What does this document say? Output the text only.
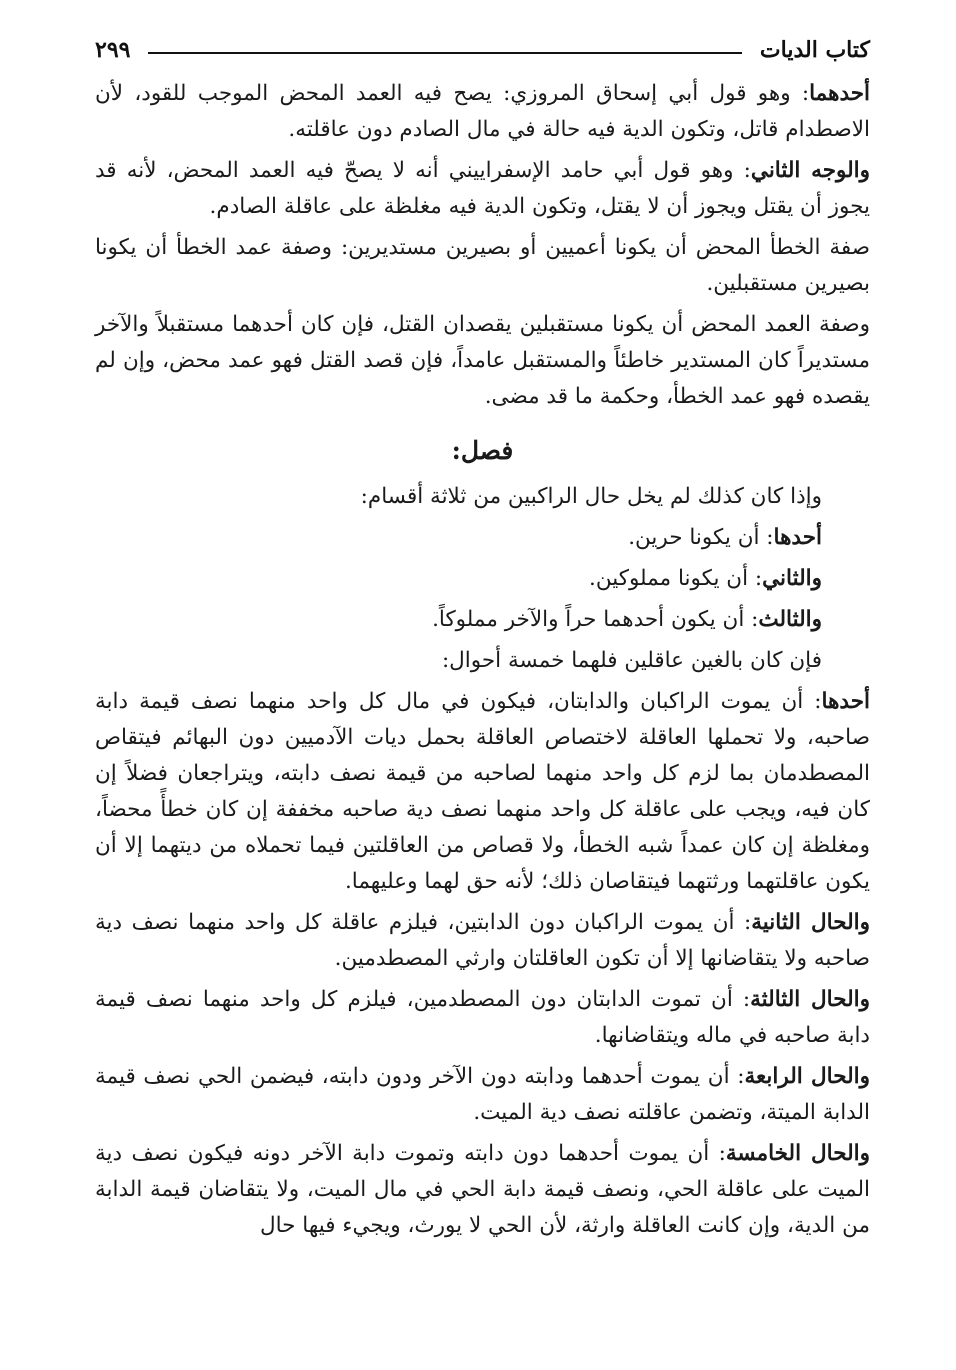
كتاب الديات
٢٩٩

أحدهما: وهو قول أبي إسحاق المروزي: يصح فيه العمد المحض الموجب للقود، لأن الاصطدام قاتل، وتكون الدية فيه حالة في مال الصادم دون عاقلته.

والوجه الثاني: وهو قول أبي حامد الإسفراييني أنه لا يصحّ فيه العمد المحض، لأنه قد يجوز أن يقتل ويجوز أن لا يقتل، وتكون الدية فيه مغلظة على عاقلة الصادم.

صفة الخطأ المحض أن يكونا أعميين أو بصيرين مستديرين: وصفة عمد الخطأ أن يكونا بصيرين مستقبلين.

وصفة العمد المحض أن يكونا مستقبلين يقصدان القتل، فإن كان أحدهما مستقبلاً والآخر مستديراً كان المستدير خاطئاً والمستقبل عامداً، فإن قصد القتل فهو عمد محض، وإن لم يقصده فهو عمد الخطأ، وحكمة ما قد مضى.

فصل:

وإذا كان كذلك لم يخل حال الراكبين من ثلاثة أقسام:

أحدها: أن يكونا حرين.

والثاني: أن يكونا مملوكين.

والثالث: أن يكون أحدهما حراً والآخر مملوكاً.

فإن كان بالغين عاقلين فلهما خمسة أحوال:

أحدها: أن يموت الراكبان والدابتان، فيكون في مال كل واحد منهما نصف قيمة دابة صاحبه، ولا تحملها العاقلة لاختصاص العاقلة بحمل ديات الآدميين دون البهائم فيتقاص المصطدمان بما لزم كل واحد منهما لصاحبه من قيمة نصف دابته، ويتراجعان فضلاً إن كان فيه، ويجب على عاقلة كل واحد منهما نصف دية صاحبه مخففة إن كان خطأً محضاً، ومغلظة إن كان عمداً شبه الخطأ، ولا قصاص من العاقلتين فيما تحملاه من ديتهما إلا أن يكون عاقلتهما ورثتهما فيتقاصان ذلك؛ لأنه حق لهما وعليهما.

والحال الثانية: أن يموت الراكبان دون الدابتين، فيلزم عاقلة كل واحد منهما نصف دية صاحبه ولا يتقاضانها إلا أن تكون العاقلتان وارثي المصطدمين.

والحال الثالثة: أن تموت الدابتان دون المصطدمين، فيلزم كل واحد منهما نصف قيمة دابة صاحبه في ماله ويتقاضانها.

والحال الرابعة: أن يموت أحدهما ودابته دون الآخر ودون دابته، فيضمن الحي نصف قيمة الدابة الميتة، وتضمن عاقلته نصف دية الميت.

والحال الخامسة: أن يموت أحدهما دون دابته وتموت دابة الآخر دونه فيكون نصف دية الميت على عاقلة الحي، ونصف قيمة دابة الحي في مال الميت، ولا يتقاضان قيمة الدابة من الدية، وإن كانت العاقلة وارثة، لأن الحي لا يورث، ويجيء فيها حال
